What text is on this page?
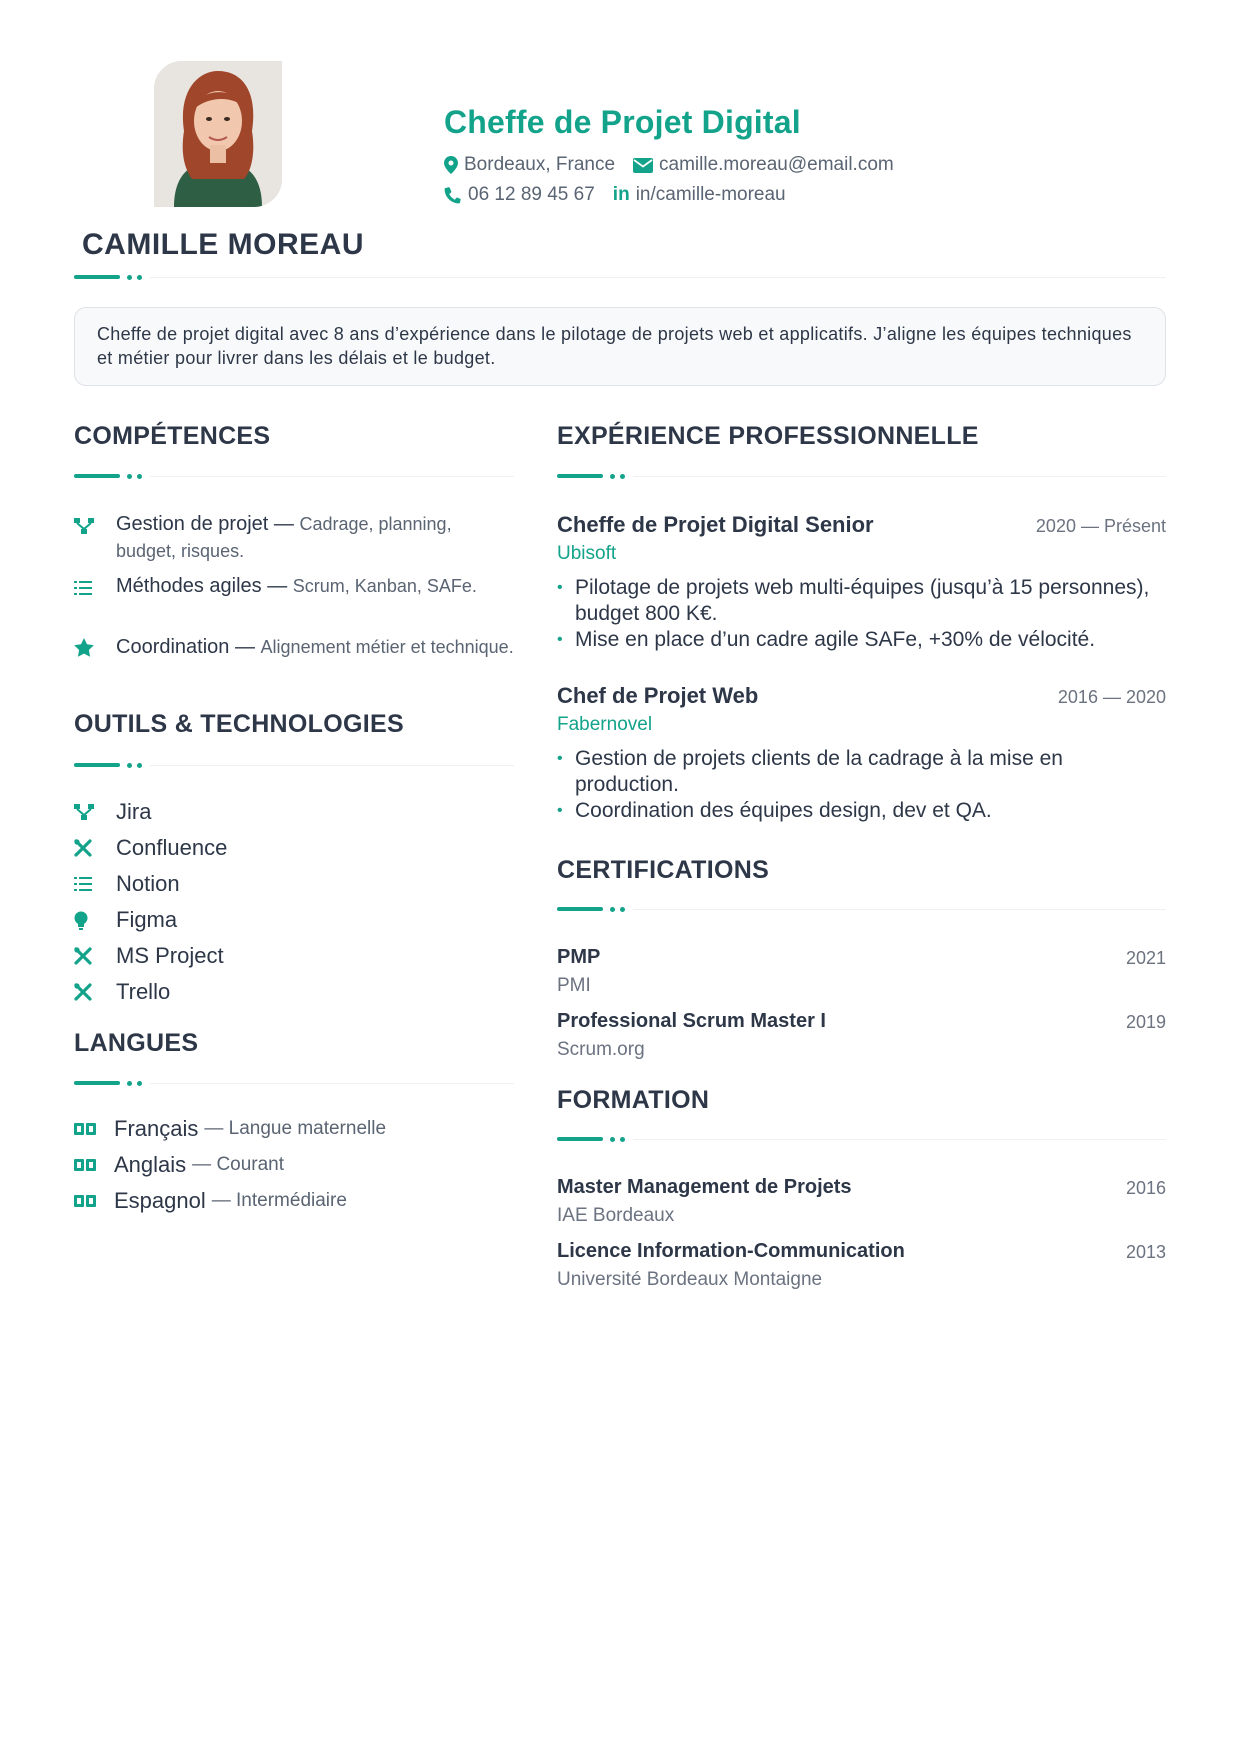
Cheffe de Projet Digital
Bordeaux, France camille.moreau@email.com
06 12 89 45 67 in in/camille-moreau
CAMILLE MOREAU
Cheffe de projet digital avec 8 ans d’expérience dans le pilotage de projets web et applicatifs. J’aligne les équipes techniques et métier pour livrer dans les délais et le budget.
COMPÉTENCES
Gestion de projet — Cadrage, planning, budget, risques.
Méthodes agiles — Scrum, Kanban, SAFe.
Coordination — Alignement métier et technique.
OUTILS & TECHNOLOGIES
Jira
Confluence
Notion
Figma
MS Project
Trello
LANGUES
Français — Langue maternelle
Anglais — Courant
Espagnol — Intermédiaire
EXPÉRIENCE PROFESSIONNELLE
Cheffe de Projet Digital Senior	2020 — Présent
Ubisoft
• Pilotage de projets web multi-équipes (jusqu’à 15 personnes), budget 800 K€.
• Mise en place d’un cadre agile SAFe, +30% de vélocité.
Chef de Projet Web	2016 — 2020
Fabernovel
• Gestion de projets clients de la cadrage à la mise en production.
• Coordination des équipes design, dev et QA.
CERTIFICATIONS
PMP	2021
PMI
Professional Scrum Master I	2019
Scrum.org
FORMATION
Master Management de Projets	2016
IAE Bordeaux
Licence Information-Communication	2013
Université Bordeaux Montaigne
